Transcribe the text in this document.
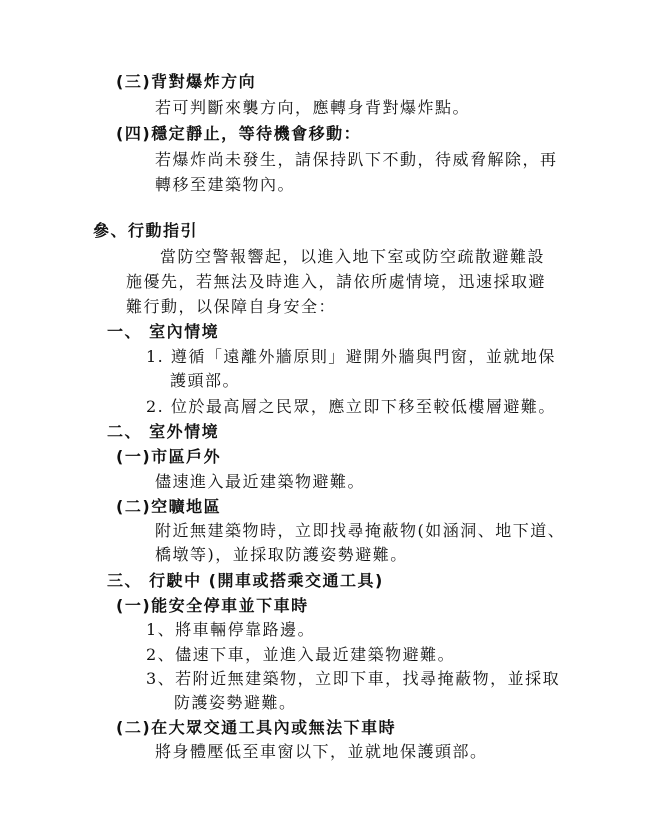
(三)背對爆炸方向
若可判斷來襲方向，應轉身背對爆炸點。
(四)穩定靜止，等待機會移動：
若爆炸尚未發生，請保持趴下不動，待威脅解除，再
轉移至建築物內。
參、行動指引
當防空警報響起，以進入地下室或防空疏散避難設
施優先，若無法及時進入，請依所處情境，迅速採取避
難行動，以保障自身安全：
一、 室內情境
1. 遵循「遠離外牆原則」避開外牆與門窗，並就地保
護頭部。
2. 位於最高層之民眾，應立即下移至較低樓層避難。
二、 室外情境
(一)市區戶外
儘速進入最近建築物避難。
(二)空曠地區
附近無建築物時，立即找尋掩蔽物(如涵洞、地下道、
橋墩等)，並採取防護姿勢避難。
三、 行駛中 (開車或搭乘交通工具)
(一)能安全停車並下車時
1、將車輛停靠路邊。
2、儘速下車，並進入最近建築物避難。
3、若附近無建築物，立即下車，找尋掩蔽物，並採取
防護姿勢避難。
(二)在大眾交通工具內或無法下車時
將身體壓低至車窗以下，並就地保護頭部。
